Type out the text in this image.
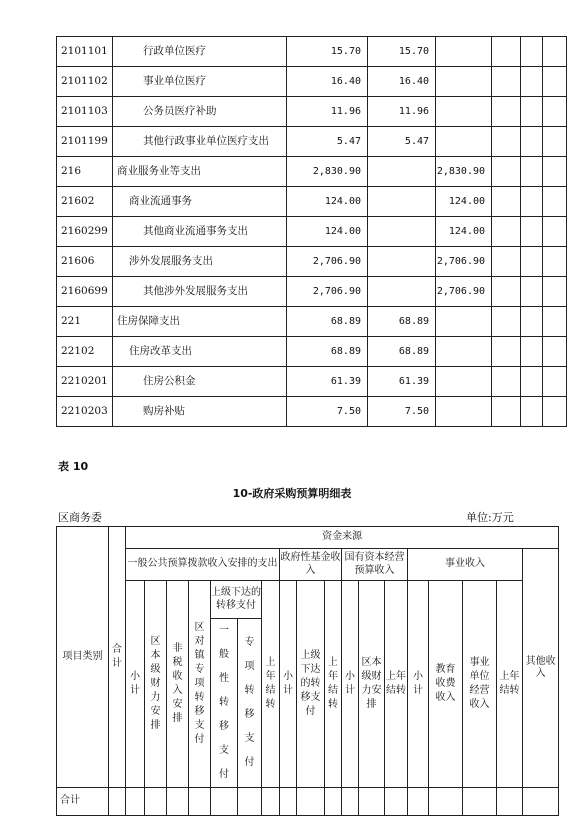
2101101	行政单位医疗	15.70	15.70				
2101102	事业单位医疗	16.40	16.40				
2101103	公务员医疗补助	11.96	11.96				
2101199	其他行政事业单位医疗支出	5.47	5.47				
216	商业服务业等支出	2,830.90		2,830.90			
21602	商业流通事务	124.00		124.00			
2160299	其他商业流通事务支出	124.00		124.00			
21606	涉外发展服务支出	2,706.90		2,706.90			
2160699	其他涉外发展服务支出	2,706.90		2,706.90			
221	住房保障支出	68.89	68.89				
22102	住房改革支出	68.89	68.89				
2210201	住房公积金	61.39	61.39				
2210203	购房补贴	7.50	7.50				
表 10
10-政府采购预算明细表
区商务委	单位:万元
项目类别	合计	资金来源																	
		一般公共预算拨款收入安排的支出							政府性基金收入			国有资本经营预算收入			事业收入				其他收入
		小计	区本级财力安排	非税收入安排	区对镇专项转移支付	上级下达的转移支付		上年结转	小计	上级下达的转移支付	上年结转	小计	区本级财力安排	上年结转	小计	教育收费收入	事业单位经营收入	上年结转	
						一般性转移支付	专项转移支付												

合计																			
